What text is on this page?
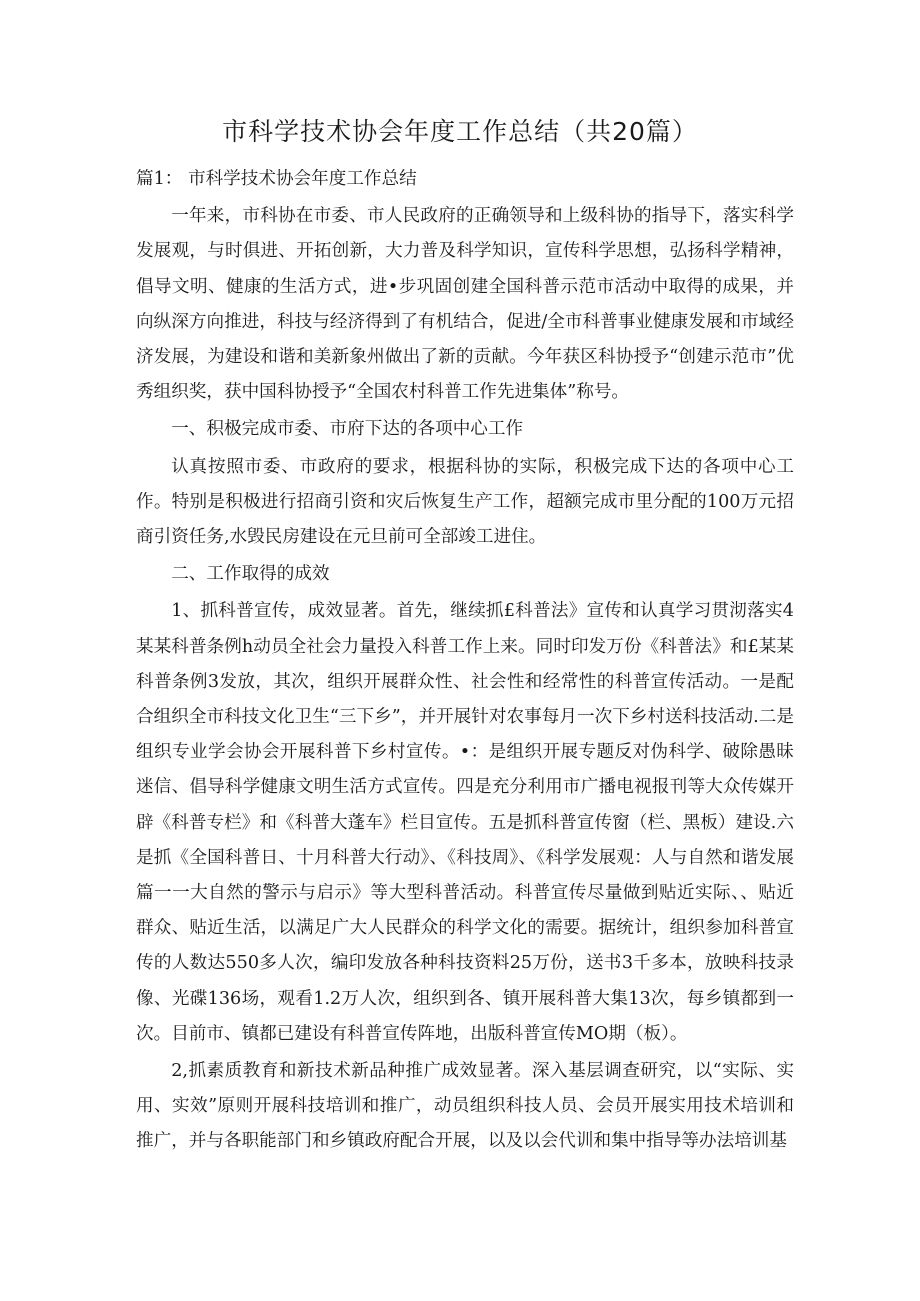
市科学技术协会年度工作总结（共20篇）

篇1： 市科学技术协会年度工作总结

一年来，市科协在市委、市人民政府的正确领导和上级科协的指导下，落实科学发展观，与时俱进、开拓创新，大力普及科学知识，宣传科学思想，弘扬科学精神，倡导文明、健康的生活方式，进•步巩固创建全国科普示范市活动中取得的成果，并向纵深方向推进，科技与经济得到了有机结合，促进/全市科普事业健康发展和市域经济发展，为建设和谐和美新象州做出了新的贡献。今年获区科协授予“创建示范市”优秀组织奖，获中国科协授予“全国农村科普工作先进集体”称号。

一、积极完成市委、市府下达的各项中心工作

认真按照市委、市政府的要求，根据科协的实际，积极完成下达的各项中心工作。特别是积极进行招商引资和灾后恢复生产工作，超额完成市里分配的100万元招商引资任务,水毁民房建设在元旦前可全部竣工进住。

二、工作取得的成效

1、抓科普宣传，成效显著。首先，继续抓£科普法》宣传和认真学习贯沏落实4某某科普条例h动员全社会力量投入科普工作上来。同时印发万份《科普法》和£某某科普条例3发放，其次，组织开展群众性、社会性和经常性的科普宣传活动。一是配合组织全市科技文化卫生“三下乡”，并开展针对农事每月一次下乡村送科技活动.二是组织专业学会协会开展科普下乡村宣传。•：是组织开展专题反对伪科学、破除愚昧迷信、倡导科学健康文明生活方式宣传。四是充分利用市广播电视报刊等大众传媒开辟《科普专栏》和《科普大蓬车》栏目宣传。五是抓科普宣传窗（栏、黑板）建设.六是抓《全国科普日、十月科普大行动》、《科技周》、《科学发展观：人与自然和谐发展篇一一大自然的警示与启示》等大型科普活动。科普宣传尽量做到贴近实际、、贴近群众、贴近生活，以满足广大人民群众的科学文化的需要。据统计，组织参加科普宣传的人数达550多人次，编印发放各种科技资料25万份，送书3千多本，放映科技录像、光碟136场，观看1.2万人次，组织到各、镇开展科普大集13次，每乡镇都到一次。目前市、镇都已建设有科普宣传阵地，出版科普宣传MO期（板）。

2,抓素质教育和新技术新品种推广成效显著。深入基层调查研究，以“实际、实用、实效”原则开展科技培训和推广，动员组织科技人员、会员开展实用技术培训和推广，并与各职能部门和乡镇政府配合开展，以及以会代训和集中指导等办法培训基
